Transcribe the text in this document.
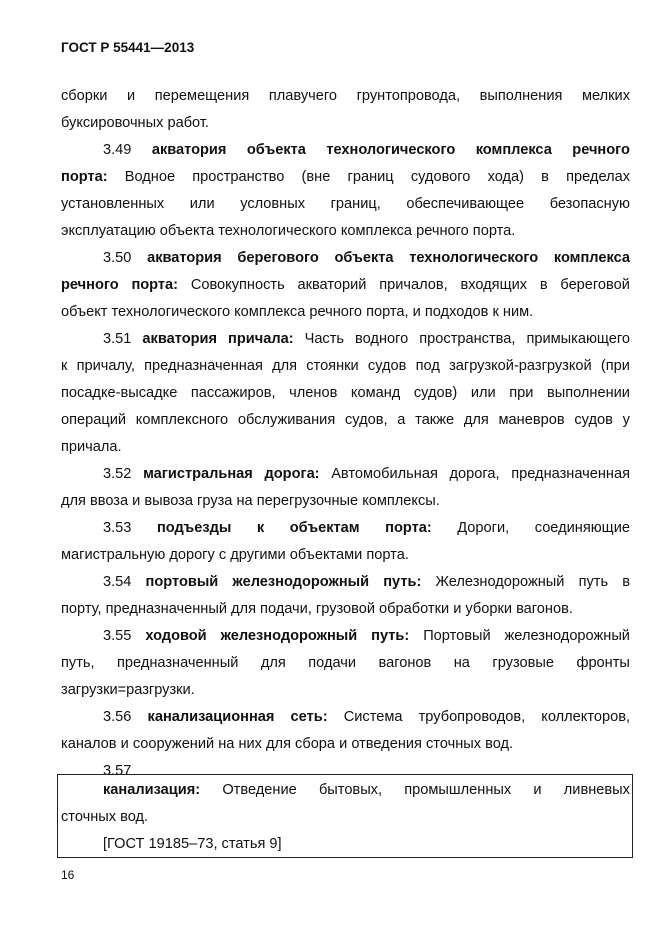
ГОСТ Р 55441—2013
сборки и перемещения плавучего грунтопровода, выполнения мелких
буксировочных работ.
3.49 акватория объекта технологического комплекса речного
порта: Водное пространство (вне границ судового хода) в пределах
установленных или условных границ, обеспечивающее безопасную
эксплуатацию объекта технологического комплекса речного порта.
3.50 акватория берегового объекта технологического комплекса
речного порта: Совокупность акваторий причалов, входящих в береговой
объект технологического комплекса речного порта, и подходов к ним.
3.51 акватория причала: Часть водного пространства, примыкающего
к причалу, предназначенная для стоянки судов под загрузкой-разгрузкой (при
посадке-высадке пассажиров, членов команд судов) или при выполнении
операций комплексного обслуживания судов, а также для маневров судов у
причала.
3.52 магистральная дорога: Автомобильная дорога, предназначенная
для ввоза и вывоза груза на перегрузочные комплексы.
3.53 подъезды к объектам порта: Дороги, соединяющие
магистральную дорогу с другими объектами порта.
3.54 портовый железнодорожный путь: Железнодорожный путь в
порту, предназначенный для подачи, грузовой обработки и уборки вагонов.
3.55 ходовой железнодорожный путь: Портовый железнодорожный
путь, предназначенный для подачи вагонов на грузовые фронты
загрузки=разгрузки.
3.56 канализационная сеть: Система трубопроводов, коллекторов,
каналов и сооружений на них для сбора и отведения сточных вод.
3.57
канализация: Отведение бытовых, промышленных и ливневых
сточных вод.
[ГОСТ 19185–73, статья 9]
16
